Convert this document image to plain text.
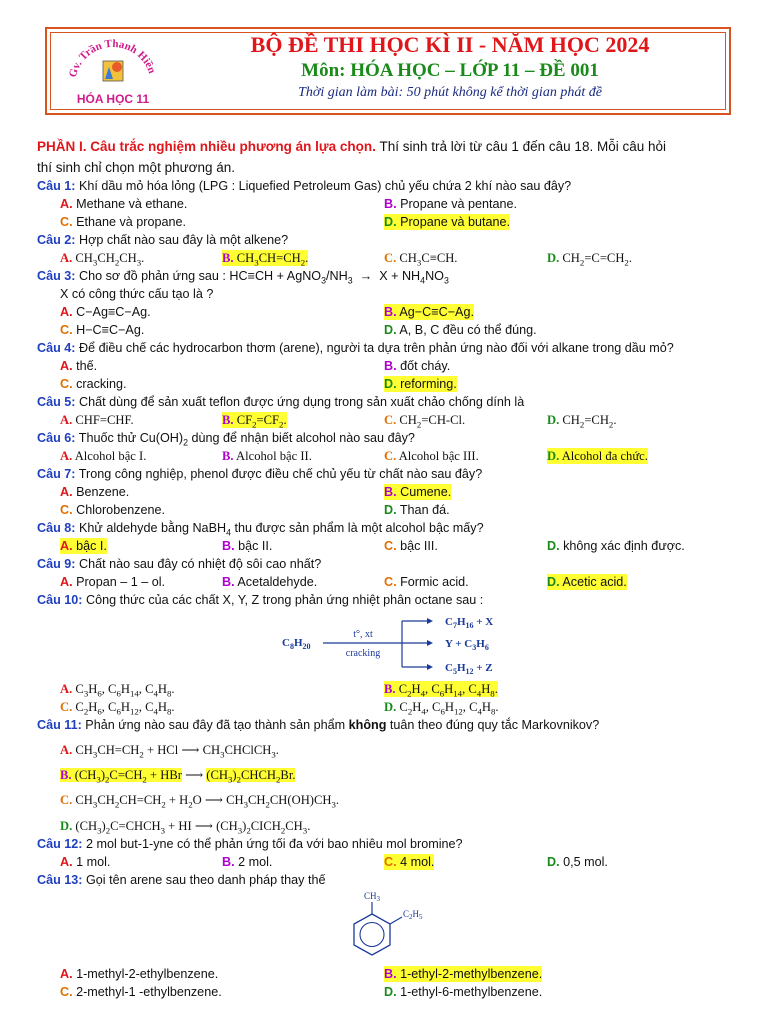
Gv. Trần Thanh Hiền
HÓA HỌC 11
BỘ ĐỀ THI HỌC KÌ II - NĂM HỌC 2024
Môn: HÓA HỌC – LỚP 11 – ĐỀ 001
Thời gian làm bài: 50 phút không kể thời gian phát đề
PHẦN I. Câu trắc nghiệm nhiều phương án lựa chọn. Thí sinh trả lời từ câu 1 đến câu 18. Mỗi câu hỏi
thí sinh chỉ chọn một phương án.
Câu 1: Khí dầu mỏ hóa lỏng (LPG : Liquefied Petroleum Gas) chủ yếu chứa 2 khí nào sau đây?
A. Methane và ethane.	B. Propane và pentane.
C. Ethane và propane.	D. Propane và butane.
Câu 2: Hợp chất nào sau đây là một alkene?
A. $CH_3CH_2CH_3$.	B. $CH_3CH=CH_2$.	C. $CH_3C\equiv CH$.	D. $CH_2=C=CH_2$.
Câu 3: Cho sơ đồ phản ứng sau : $HC\equiv CH + AgNO_3/NH_3 \to X + NH_4NO_3$
X có công thức cấu tạo là ?
A. C−Ag≡C−Ag.	B. Ag−C≡C−Ag.
C. H−C≡C−Ag.	D. A, B, C đều có thể đúng.
Câu 4: Để điều chế các hydrocarbon thơm (arene), người ta dựa trên phản ứng nào đối với alkane trong dầu mỏ?
A. thế.	B. đốt cháy.
C. cracking.	D. reforming.
Câu 5: Chất dùng để sản xuất teflon được ứng dụng trong sản xuất chảo chống dính là
A. CHF=CHF.	B. $CF_2=CF_2$.	C. $CH_2=CH-Cl$.	D. $CH_2=CH_2$.
Câu 6: Thuốc thử $Cu(OH)_2$ dùng để nhận biết alcohol nào sau đây?
A. Alcohol bậc I.	B. Alcohol bậc II.	C. Alcohol bậc III.	D. Alcohol đa chức.
Câu 7: Trong công nghiệp, phenol được điều chế chủ yếu từ chất nào sau đây?
A. Benzene.	B. Cumene.
C. Chlorobenzene.	D. Than đá.
Câu 8: Khử aldehyde bằng NaBH$_4$ thu được sản phẩm là một alcohol bậc mấy?
A. bậc I.	B. bậc II.	C. bậc III.	D. không xác định được.
Câu 9: Chất nào sau đây có nhiệt độ sôi cao nhất?
A. Propan – 1 – ol.	B. Acetaldehyde.	C. Formic acid.	D. Acetic acid.
Câu 10: Công thức của các chất X, Y, Z trong phản ứng nhiệt phân octane sau :
$C_8H_{20}$
t°, xt
cracking
$C_7H_{16} + X$
$Y + C_3H_6$
$C_5H_{12} + Z$
A. $C_3H_6$, $C_6H_{14}$, $C_4H_8$.	B. $C_2H_4$, $C_6H_{14}$, $C_4H_8$.
C. $C_2H_6$, $C_6H_{12}$, $C_4H_8$.	D. $C_2H_4$, $C_6H_{12}$, $C_4H_8$.
Câu 11: Phản ứng nào sau đây đã tạo thành sản phẩm không tuân theo đúng quy tắc Markovnikov?
A. $CH_3CH=CH_2$ + HCl ⟶ $CH_3CHClCH_3$.
B. $(CH_3)_2C=CH_2$ + HBr ⟶ $(CH_3)_2CHCH_2Br$.
C. $CH_3CH_2CH=CH_2 + H_2O$ ⟶ $CH_3CH_2CH(OH)CH_3$.
D. $(CH_3)_2C=CHCH_3$ + HI ⟶ $(CH_3)_2CICH_2CH_3$.
Câu 12: 2 mol but-1-yne có thể phản ứng tối đa với bao nhiêu mol bromine?
A. 1 mol.	B. 2 mol.	C. 4 mol.	D. 0,5 mol.
Câu 13: Gọi tên arene sau theo danh pháp thay thế
$CH_3$
$C_2H_5$
A. 1-methyl-2-ethylbenzene.	B. 1-ethyl-2-methylbenzene.
C. 2-methyl-1 -ethylbenzene.	D. 1-ethyl-6-methylbenzene.
